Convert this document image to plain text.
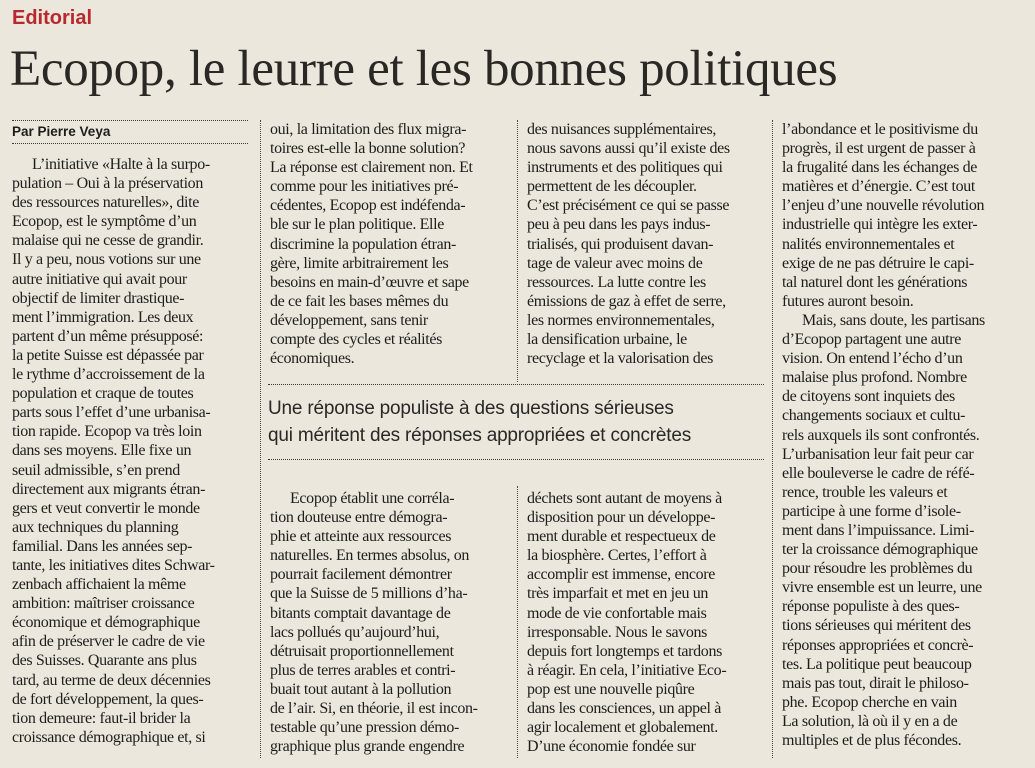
Editorial
Ecopop, le leurre et les bonnes politiques
Par Pierre Veya

Une réponse populiste à des questions sérieuses

qui méritent des réponses appropriées et concrètes

L’initiative «Halte à la surpo-
pulation – Oui à la préservation
des ressources naturelles», dite
Ecopop, est le symptôme d’un
malaise qui ne cesse de grandir.
Il y a peu, nous votions sur une
autre initiative qui avait pour
objectif de limiter drastique-
ment l’immigration. Les deux
partent d’un même présupposé:
la petite Suisse est dépassée par
le rythme d’accroissement de la
population et craque de toutes
parts sous l’effet d’une urbanisa-
tion rapide. Ecopop va très loin
dans ses moyens. Elle fixe un
seuil admissible, s’en prend
directement aux migrants étran-
gers et veut convertir le monde
aux techniques du planning
familial. Dans les années sep-
tante, les initiatives dites Schwar-
zenbach affichaient la même
ambition: maîtriser croissance
économique et démographique
afin de préserver le cadre de vie
des Suisses. Quarante ans plus
tard, au terme de deux décennies
de fort développement, la ques-
tion demeure: faut-il brider la
croissance démographique et, si
oui, la limitation des flux migra-
toires est-elle la bonne solution?
La réponse est clairement non. Et
comme pour les initiatives pré-
cédentes, Ecopop est indéfenda-
ble sur le plan politique. Elle
discrimine la population étran-
gère, limite arbitrairement les
besoins en main-d’œuvre et sape
de ce fait les bases mêmes du
développement, sans tenir
compte des cycles et réalités
économiques.
des nuisances supplémentaires,
nous savons aussi qu’il existe des
instruments et des politiques qui
permettent de les découpler.
C’est précisément ce qui se passe
peu à peu dans les pays indus-
trialisés, qui produisent davan-
tage de valeur avec moins de
ressources. La lutte contre les
émissions de gaz à effet de serre,
les normes environnementales,
la densification urbaine, le
recyclage et la valorisation des
Ecopop établit une corréla-
tion douteuse entre démogra-
phie et atteinte aux ressources
naturelles. En termes absolus, on
pourrait facilement démontrer
que la Suisse de 5 millions d’ha-
bitants comptait davantage de
lacs pollués qu’aujourd’hui,
détruisait proportionnellement
plus de terres arables et contri-
buait tout autant à la pollution
de l’air. Si, en théorie, il est incon-
testable qu’une pression démo-
graphique plus grande engendre
déchets sont autant de moyens à
disposition pour un développe-
ment durable et respectueux de
la biosphère. Certes, l’effort à
accomplir est immense, encore
très imparfait et met en jeu un
mode de vie confortable mais
irresponsable. Nous le savons
depuis fort longtemps et tardons
à réagir. En cela, l’initiative Eco-
pop est une nouvelle piqûre
dans les consciences, un appel à
agir localement et globalement.
D’une économie fondée sur
l’abondance et le positivisme du
progrès, il est urgent de passer à
la frugalité dans les échanges de
matières et d’énergie. C’est tout
l’enjeu d’une nouvelle révolution
industrielle qui intègre les exter-
nalités environnementales et
exige de ne pas détruire le capi-
tal naturel dont les générations
futures auront besoin.
Mais, sans doute, les partisans
d’Ecopop partagent une autre
vision. On entend l’écho d’un
malaise plus profond. Nombre
de citoyens sont inquiets des
changements sociaux et cultu-
rels auxquels ils sont confrontés.
L’urbanisation leur fait peur car
elle bouleverse le cadre de réfé-
rence, trouble les valeurs et
participe à une forme d’isole-
ment dans l’impuissance. Limi-
ter la croissance démographique
pour résoudre les problèmes du
vivre ensemble est un leurre, une
réponse populiste à des ques-
tions sérieuses qui méritent des
réponses appropriées et concrè-
tes. La politique peut beaucoup
mais pas tout, dirait le philoso-
phe. Ecopop cherche en vain
La solution, là où il y en a de
multiples et de plus fécondes.
